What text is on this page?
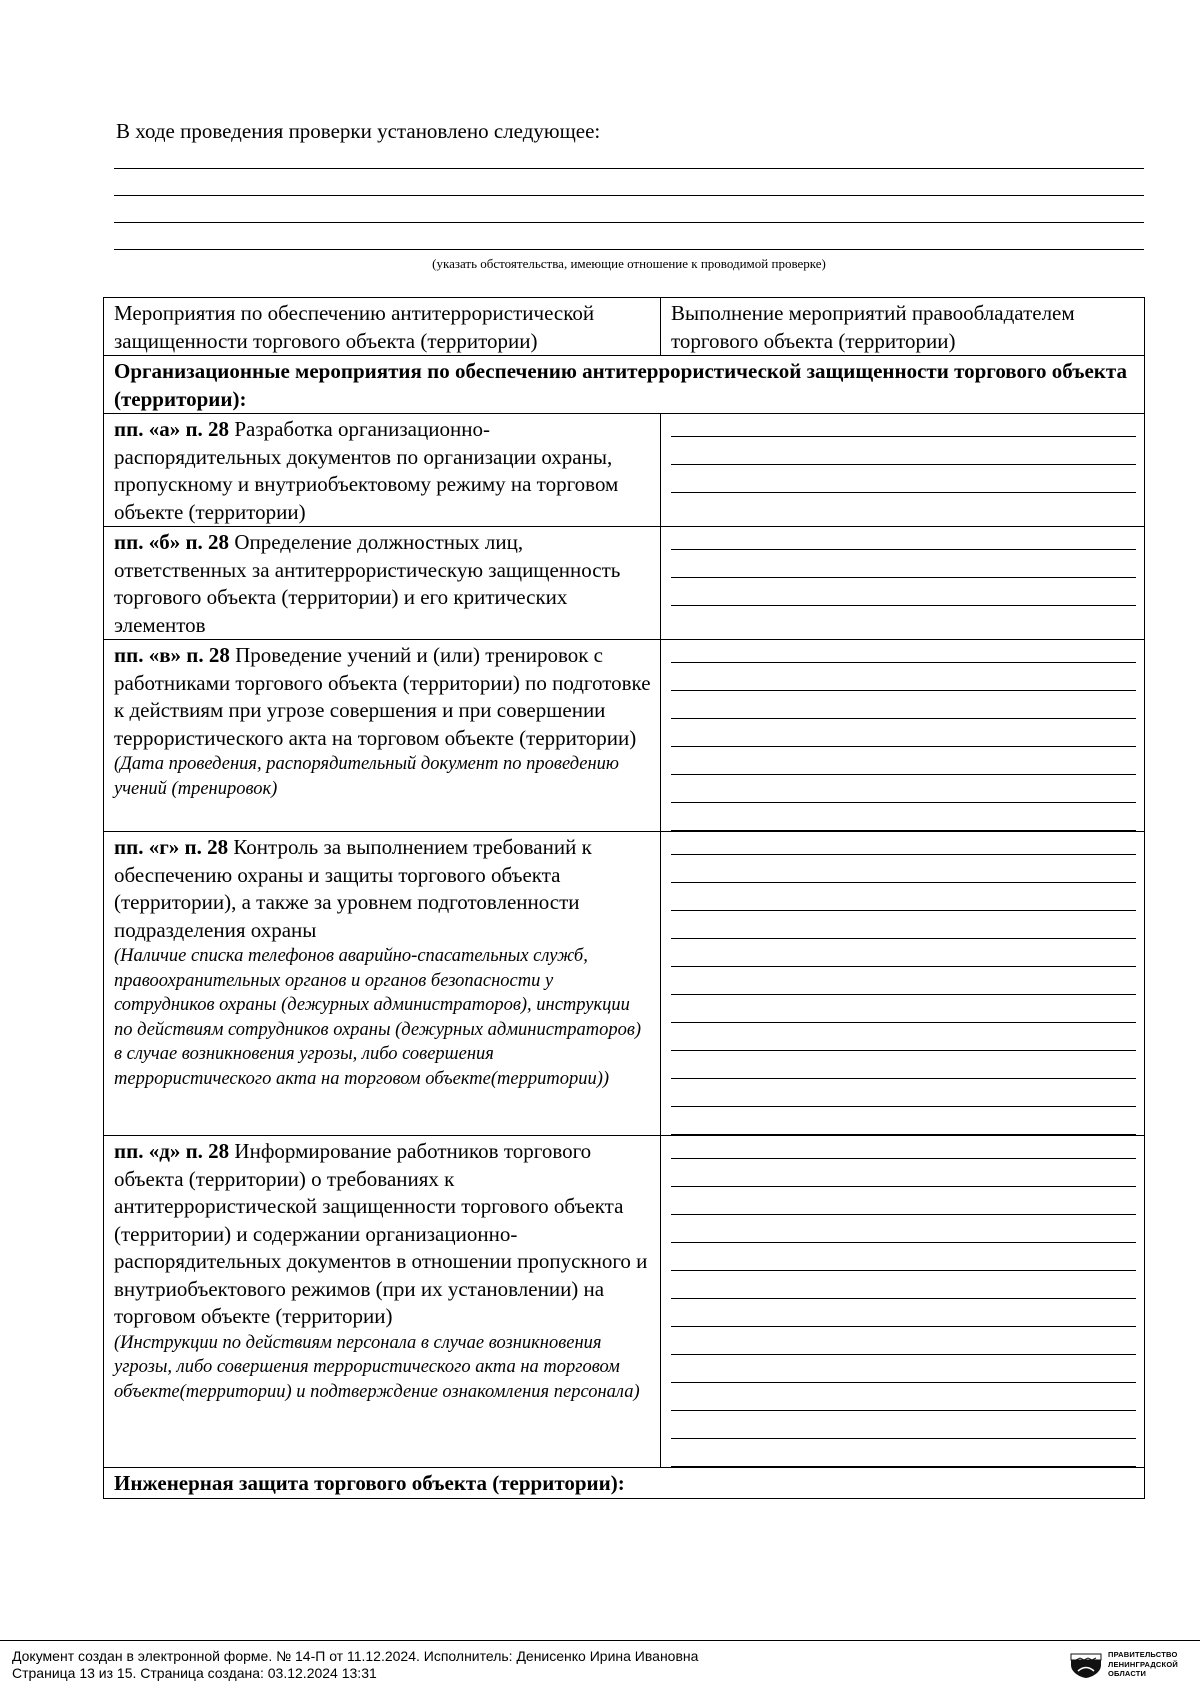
В ходе проведения проверки установлено следующее:
(указать обстоятельства, имеющие отношение к проводимой проверке)
Мероприятия по обеспечению антитеррористической защищенности торгового объекта (территории)	Выполнение мероприятий правообладателем торгового объекта (территории)
Организационные мероприятия по обеспечению антитеррористической защищенности торгового объекта (территории):	
пп. «а» п. 28 Разработка организационно-распорядительных документов по организации охраны, пропускному и внутриобъектовому режиму на торговом объекте (территории)	

пп. «б» п. 28 Определение должностных лиц, ответственных за антитеррористическую защищенность торгового объекта (территории) и его критических элементов	

пп. «в» п. 28 Проведение учений и (или) тренировок с работниками торгового объекта (территории) по подготовке к действиям при угрозе совершения и при совершении террористического акта на торговом объекте (территории)
(Дата проведения, распорядительный документ по проведению учений (тренировок)	

пп. «г» п. 28 Контроль за выполнением требований к обеспечению охраны и защиты торгового объекта (территории), а также за уровнем подготовленности подразделения охраны
(Наличие списка телефонов аварийно-спасательных служб, правоохранительных органов и органов безопасности у сотрудников охраны (дежурных администраторов), инструкции по действиям сотрудников охраны (дежурных администраторов) в случае возникновения угрозы, либо совершения террористического акта на торговом объекте(территории))	

пп. «д» п. 28 Информирование работников торгового объекта (территории) о требованиях к антитеррористической защищенности торгового объекта (территории) и содержании организационно-распорядительных документов в отношении пропускного и внутриобъектового режимов (при их установлении) на торговом объекте (территории)
(Инструкции по действиям персонала в случае возникновения угрозы, либо совершения террористического акта на торговом объекте(территории) и подтверждение ознакомления персонала)	

Инженерная защита торгового объекта (территории):	
Документ создан в электронной форме. № 14-П от 11.12.2024. Исполнитель: Денисенко Ирина Ивановна
Страница 13 из 15. Страница создана: 03.12.2024 13:31
ПРАВИТЕЛЬСТВО
ЛЕНИНГРАДСКОЙ
ОБЛАСТИ
